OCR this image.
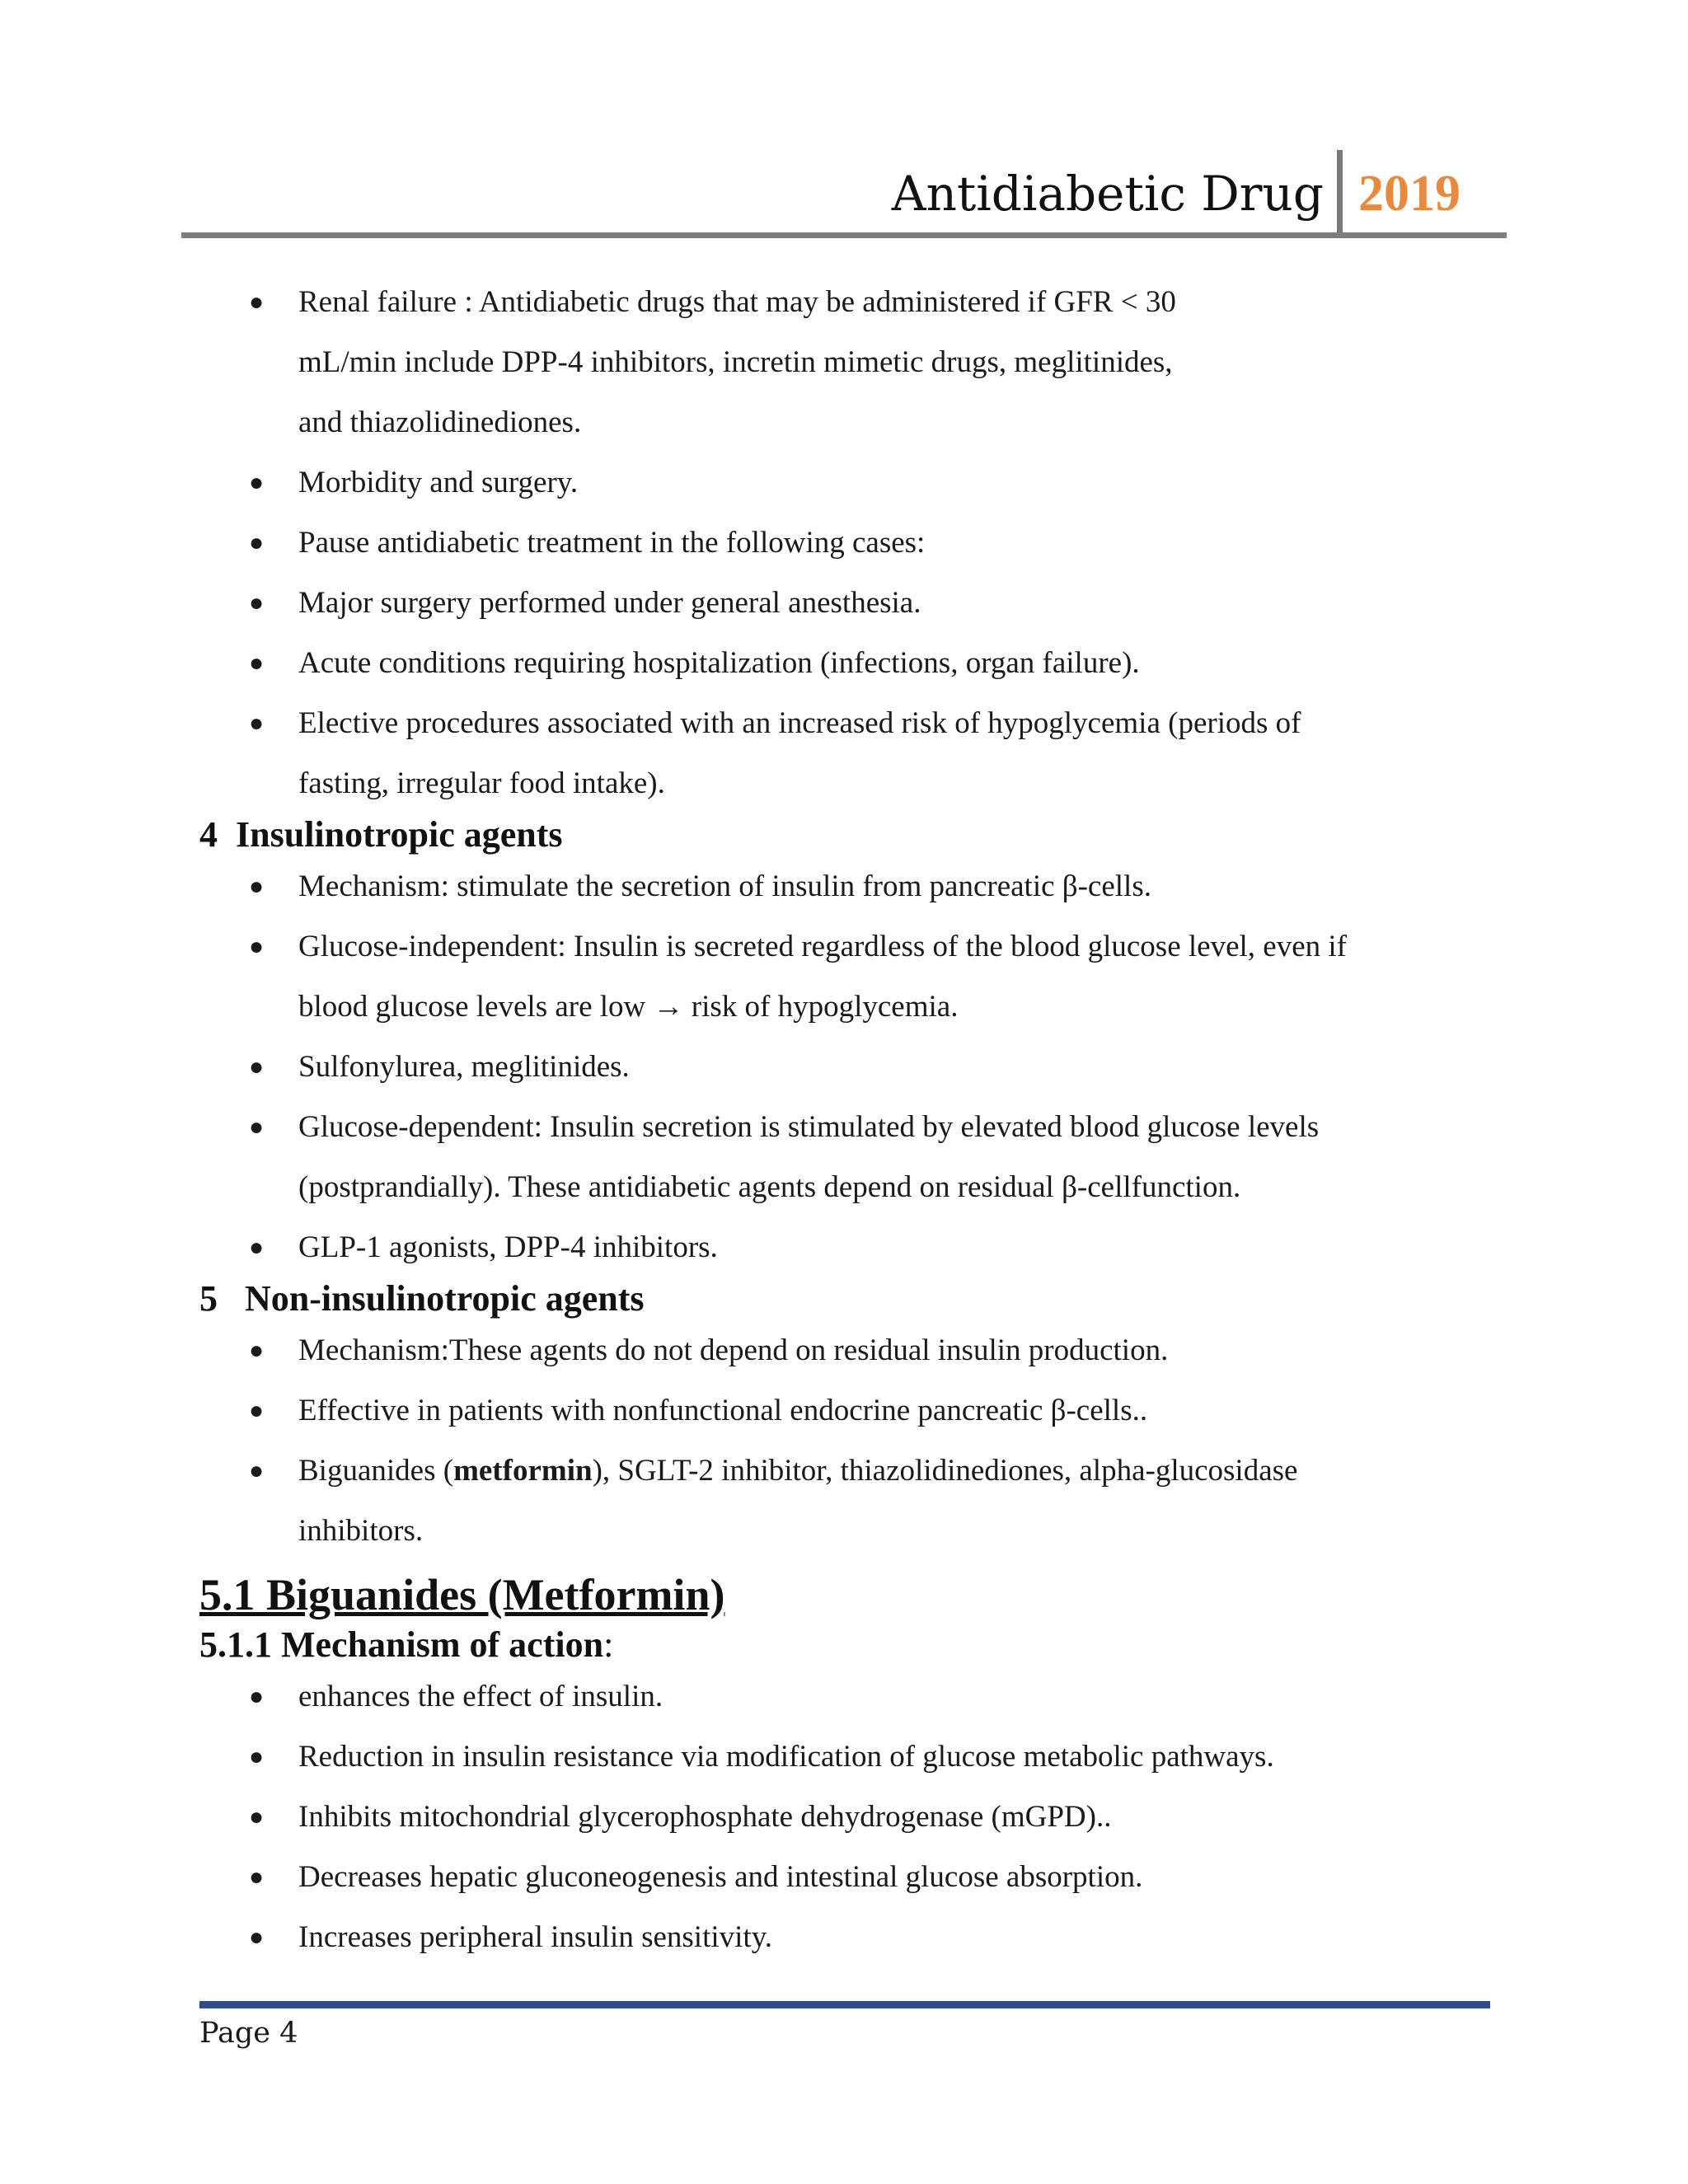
Antidiabetic Drug 2019
● Renal failure : Antidiabetic drugs that may be administered if GFR < 30
mL/min include DPP-4 inhibitors, incretin mimetic drugs, meglitinides,
and thiazolidinediones.
● Morbidity and surgery.
● Pause antidiabetic treatment in the following cases:
● Major surgery performed under general anesthesia.
● Acute conditions requiring hospitalization (infections, organ failure).
● Elective procedures associated with an increased risk of hypoglycemia (periods of
fasting, irregular food intake).
4 Insulinotropic agents
● Mechanism: stimulate the secretion of insulin from pancreatic β-cells.
● Glucose-independent: Insulin is secreted regardless of the blood glucose level, even if
blood glucose levels are low → risk of hypoglycemia.
● Sulfonylurea, meglitinides.
● Glucose-dependent: Insulin secretion is stimulated by elevated blood glucose levels
(postprandially). These antidiabetic agents depend on residual β-cellfunction.
● GLP-1 agonists, DPP-4 inhibitors.
5 Non-insulinotropic agents
● Mechanism:These agents do not depend on residual insulin production.
● Effective in patients with nonfunctional endocrine pancreatic β-cells..
● Biguanides (metformin), SGLT-2 inhibitor, thiazolidinediones, alpha-glucosidase
inhibitors.
5.1 Biguanides (Metformin)
5.1.1 Mechanism of action:
● enhances the effect of insulin.
● Reduction in insulin resistance via modification of glucose metabolic pathways.
● Inhibits mitochondrial glycerophosphate dehydrogenase (mGPD)..
● Decreases hepatic gluconeogenesis and intestinal glucose absorption.
● Increases peripheral insulin sensitivity.
Page 4
